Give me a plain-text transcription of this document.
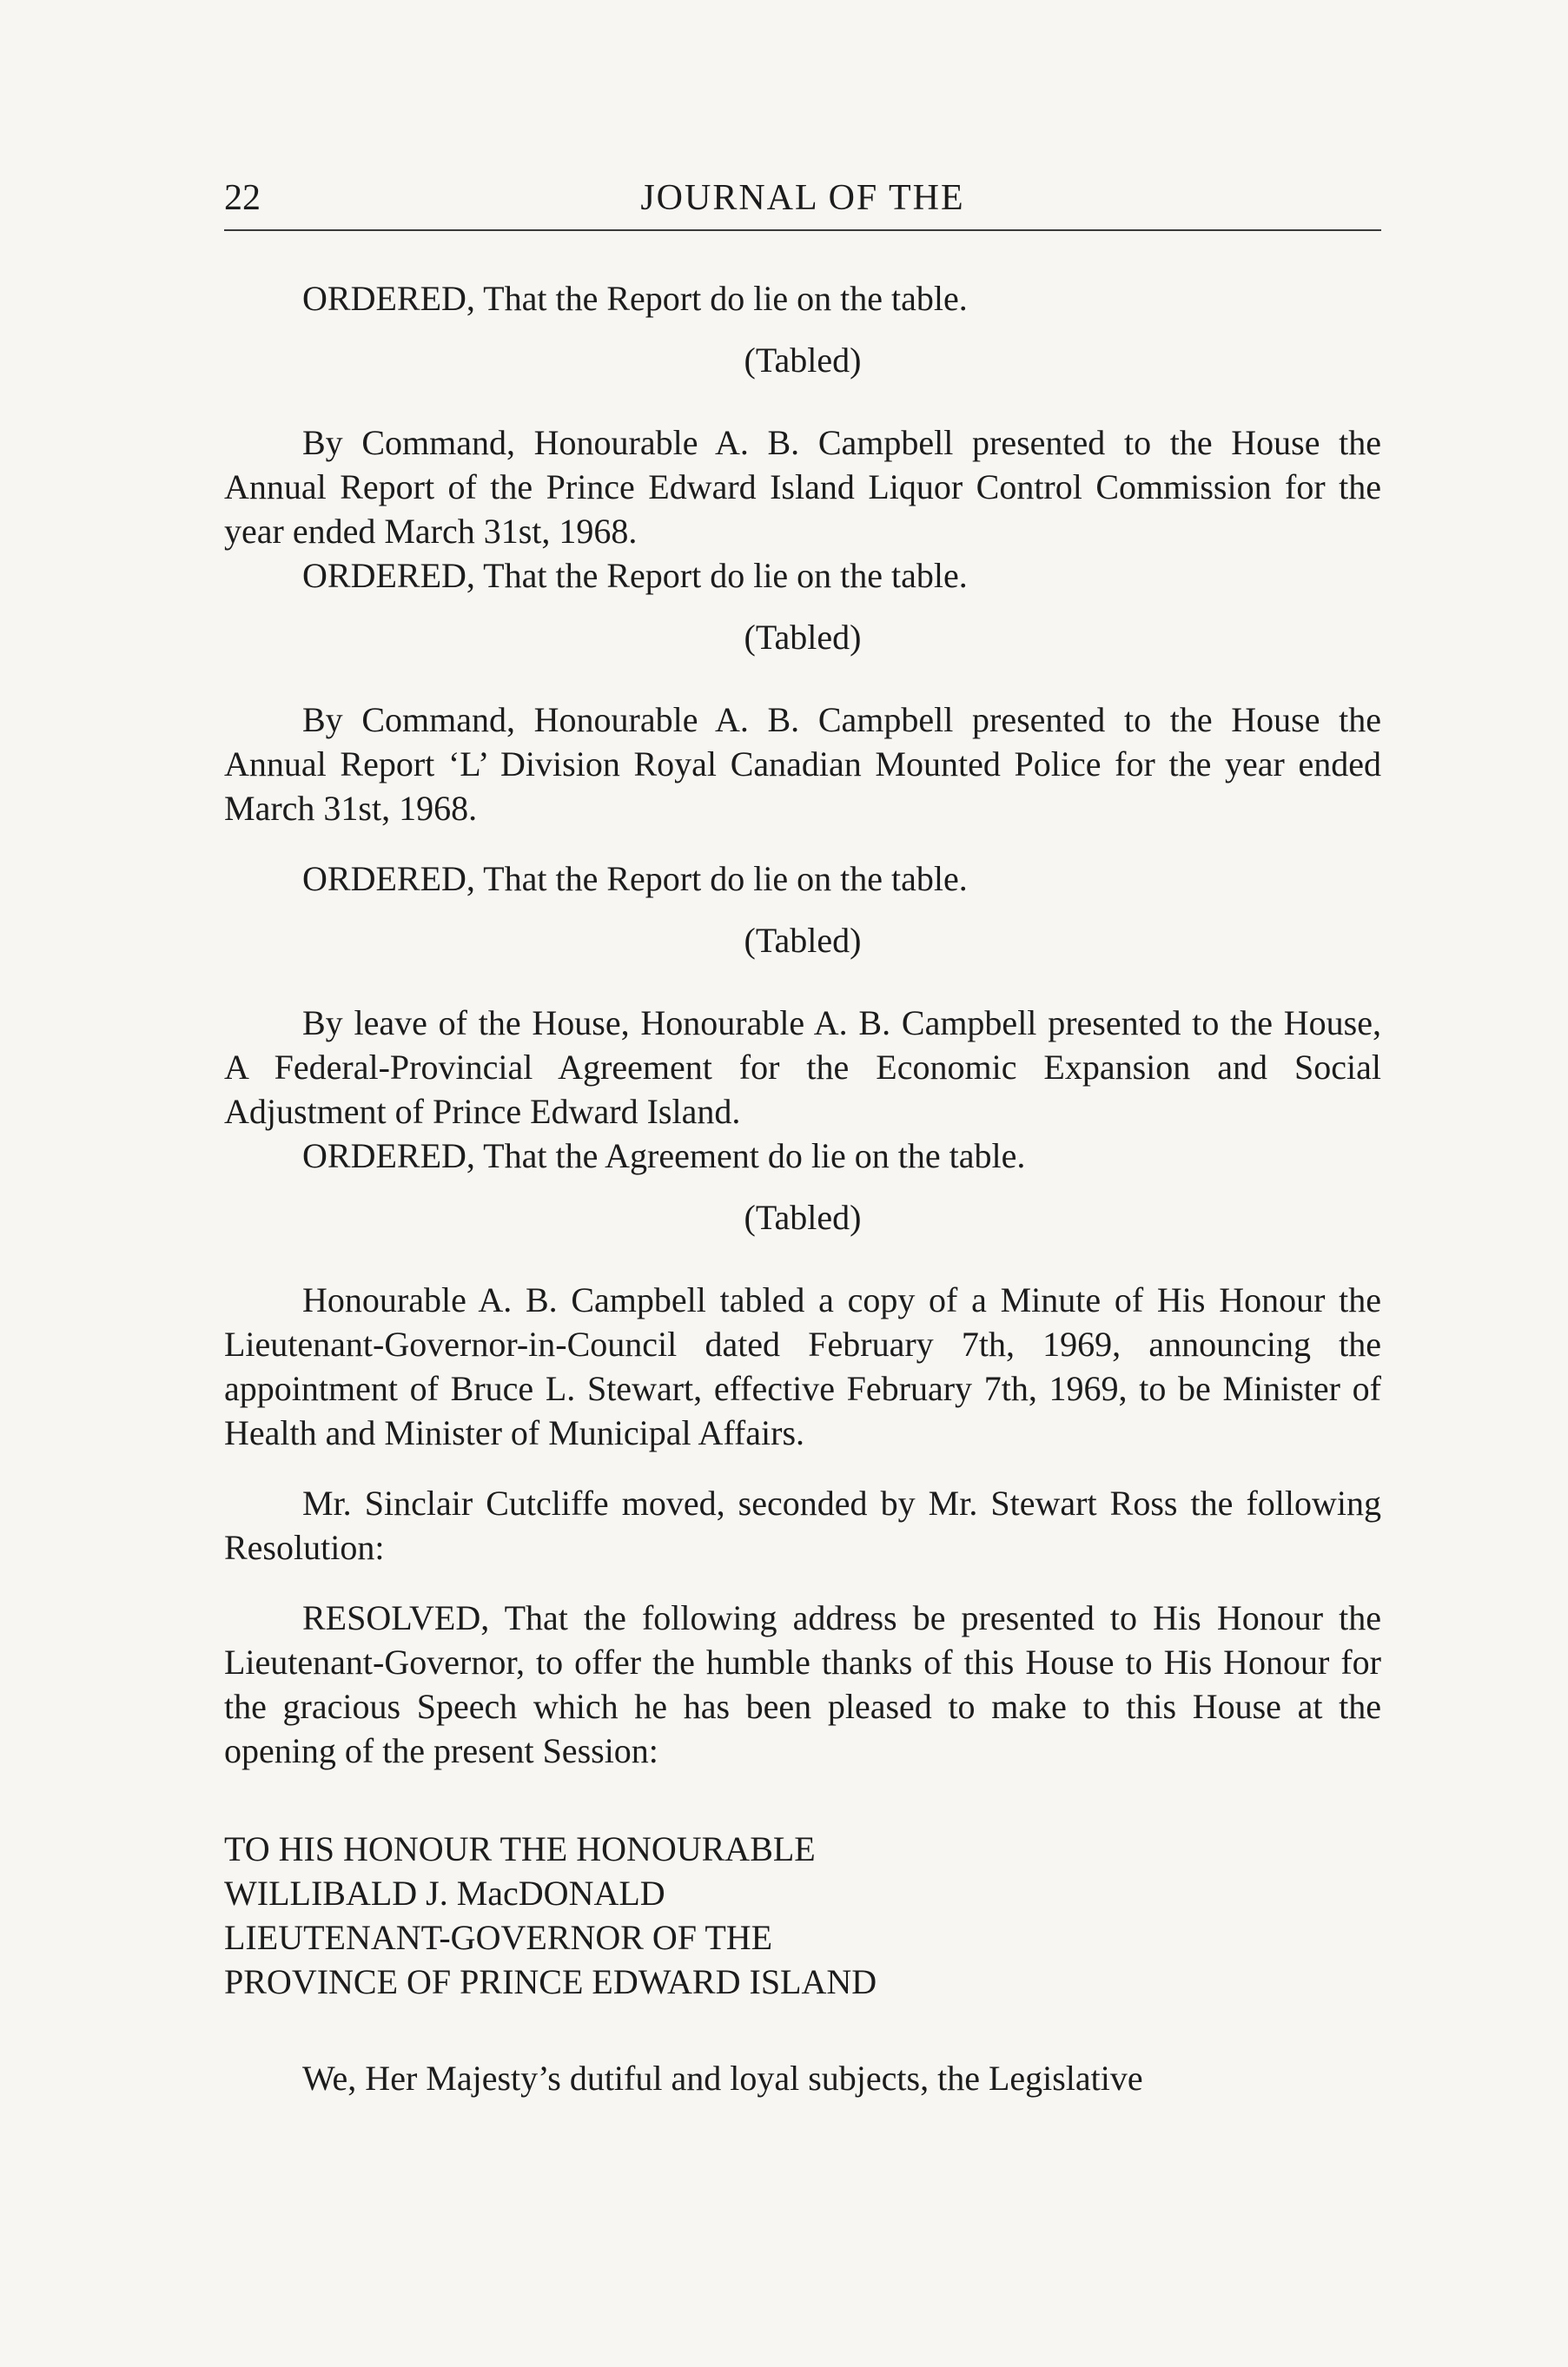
22	JOURNAL OF THE

ORDERED, That the Report do lie on the table.

(Tabled)

By Command, Honourable A. B. Campbell presented to the House the Annual Report of the Prince Edward Island Liquor Control Commission for the year ended March 31st, 1968.

ORDERED, That the Report do lie on the table.

(Tabled)

By Command, Honourable A. B. Campbell presented to the House the Annual Report ‘L’ Division Royal Canadian Mounted Police for the year ended March 31st, 1968.

ORDERED, That the Report do lie on the table.

(Tabled)

By leave of the House, Honourable A. B. Campbell presented to the House, A Federal-Provincial Agreement for the Economic Expansion and Social Adjustment of Prince Edward Island.

ORDERED, That the Agreement do lie on the table.

(Tabled)

Honourable A. B. Campbell tabled a copy of a Minute of His Honour the Lieutenant-Governor-in-Council dated February 7th, 1969, announcing the appointment of Bruce L. Stewart, effective February 7th, 1969, to be Minister of Health and Minister of Municipal Affairs.

Mr. Sinclair Cutcliffe moved, seconded by Mr. Stewart Ross the following Resolution:

RESOLVED, That the following address be presented to His Honour the Lieutenant-Governor, to offer the humble thanks of this House to His Honour for the gracious Speech which he has been pleased to make to this House at the opening of the present Session:

TO HIS HONOUR THE HONOURABLE
WILLIBALD J. MacDONALD
LIEUTENANT-GOVERNOR OF THE
PROVINCE OF PRINCE EDWARD ISLAND

We, Her Majesty’s dutiful and loyal subjects, the Legislative
